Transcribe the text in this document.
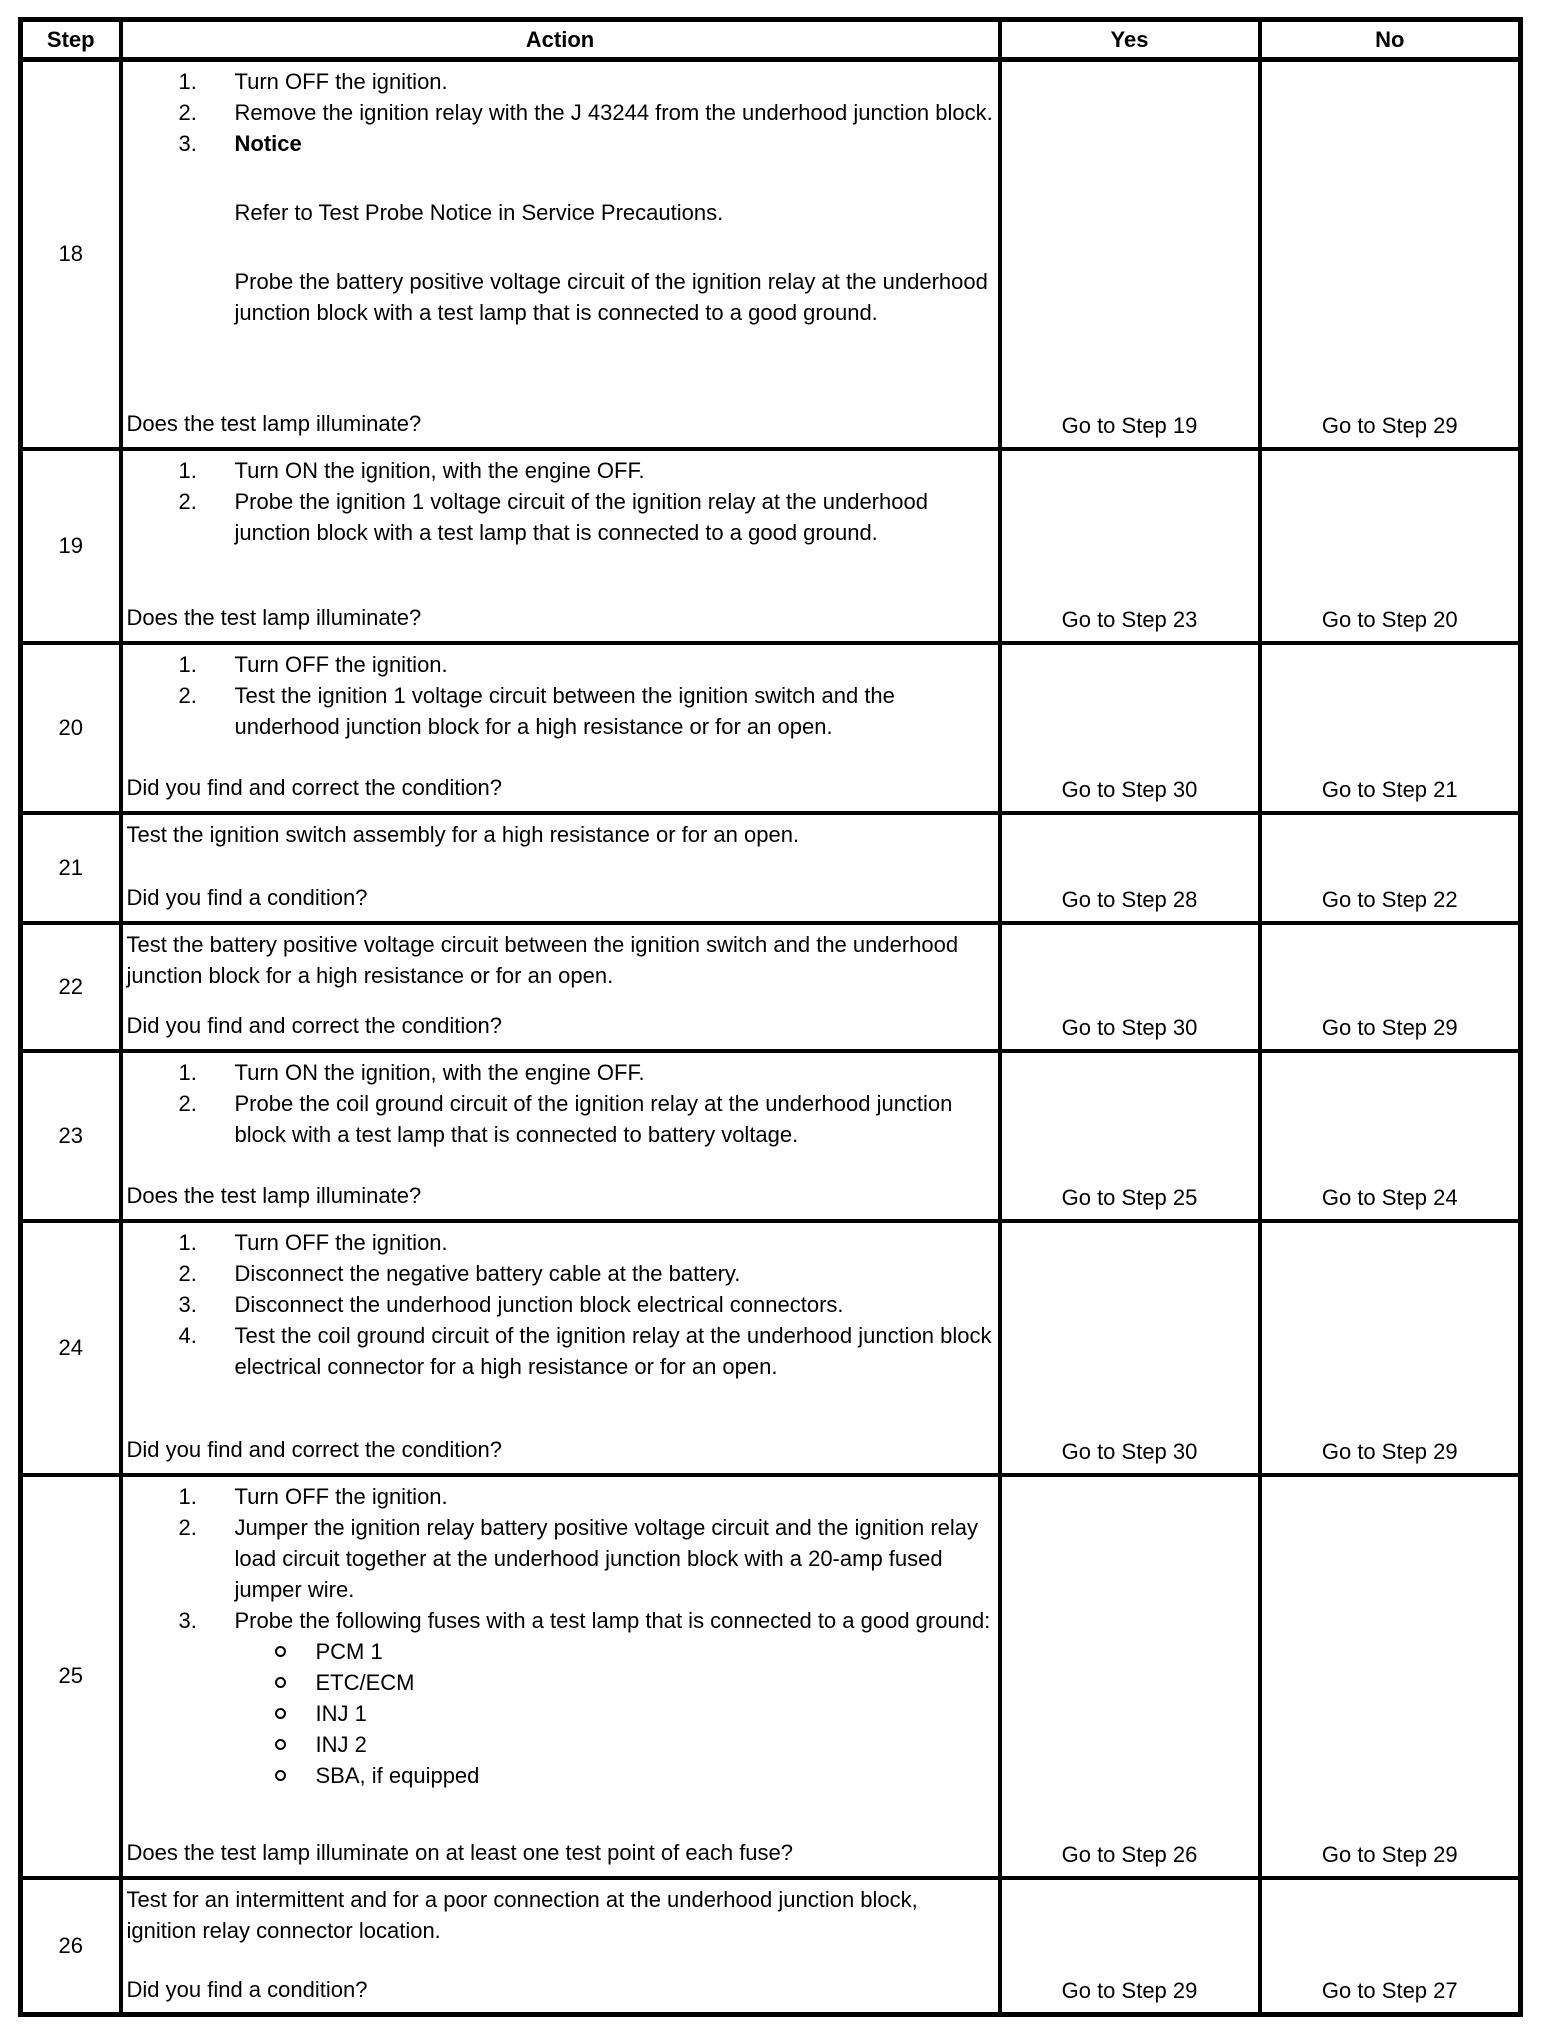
Step	Action	Yes	No

18

1.	Turn OFF the ignition.
2.	Remove the ignition relay with the J 43244 from the underhood junction block.
3.	Notice
Refer to Test Probe Notice in Service Precautions.
Probe the battery positive voltage circuit of the ignition relay at the underhood junction block with a test lamp that is connected to a good ground.
Does the test lamp illuminate?	Go to Step 19	Go to Step 29

19	1. Turn ON the ignition, with the engine OFF.
2. Probe the ignition 1 voltage circuit of the ignition relay at the underhood junction block with a test lamp that is connected to a good ground.
Does the test lamp illuminate?	Go to Step 23	Go to Step 20

20	1. Turn OFF the ignition.
2. Test the ignition 1 voltage circuit between the ignition switch and the underhood junction block for a high resistance or for an open.
Did you find and correct the condition?	Go to Step 30	Go to Step 21

21	Test the ignition switch assembly for a high resistance or for an open.
Did you find a condition?	Go to Step 28	Go to Step 22

22	Test the battery positive voltage circuit between the ignition switch and the underhood junction block for a high resistance or for an open.
Did you find and correct the condition?	Go to Step 30	Go to Step 29

23	1. Turn ON the ignition, with the engine OFF.
2. Probe the coil ground circuit of the ignition relay at the underhood junction block with a test lamp that is connected to battery voltage.
Does the test lamp illuminate?	Go to Step 25	Go to Step 24

24

1.	Turn OFF the ignition.
2.	Disconnect the negative battery cable at the battery.
3.	Disconnect the underhood junction block electrical connectors.
4.	Test the coil ground circuit of the ignition relay at the underhood junction block electrical connector for a high resistance or for an open.
Did you find and correct the condition?	Go to Step 30	Go to Step 29

25

1.	Turn OFF the ignition.
2.	Jumper the ignition relay battery positive voltage circuit and the ignition relay load circuit together at the underhood junction block with a 20-amp fused jumper wire.
3.	Probe the following fuses with a test lamp that is connected to a good ground:
PCM 1
ETC/ECM
INJ 1
INJ 2
SBA, if equipped
Does the test lamp illuminate on at least one test point of each fuse?	Go to Step 26	Go to Step 29

26	Test for an intermittent and for a poor connection at the underhood junction block, ignition relay connector location.
Did you find a condition?	Go to Step 29	Go to Step 27
